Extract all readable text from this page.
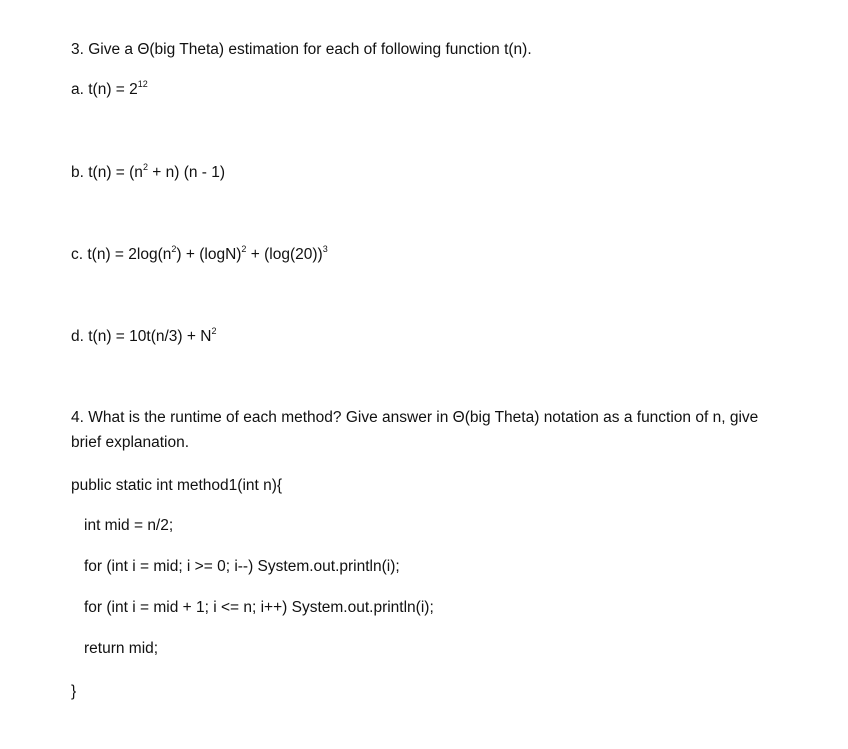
3. Give a Θ(big Theta) estimation for each of following function t(n).
a. $t(n) = 2^{12}$
b. $t(n) = (n^2 + n)$ (n - 1)
c. $t(n) = 2\log(n^2) + (\log N)^2 + (\log(20))^3$
d. $t(n) = 10t(n/3) + N^2$
4. What is the runtime of each method? Give answer in Θ(big Theta) notation as a function of n, give
brief explanation.
public static int method1(int n){
int mid = n/2;
for (int i = mid; i >= 0; i--) System.out.println(i);
for (int i = mid + 1; i <= n; i++) System.out.println(i);
return mid;
}
